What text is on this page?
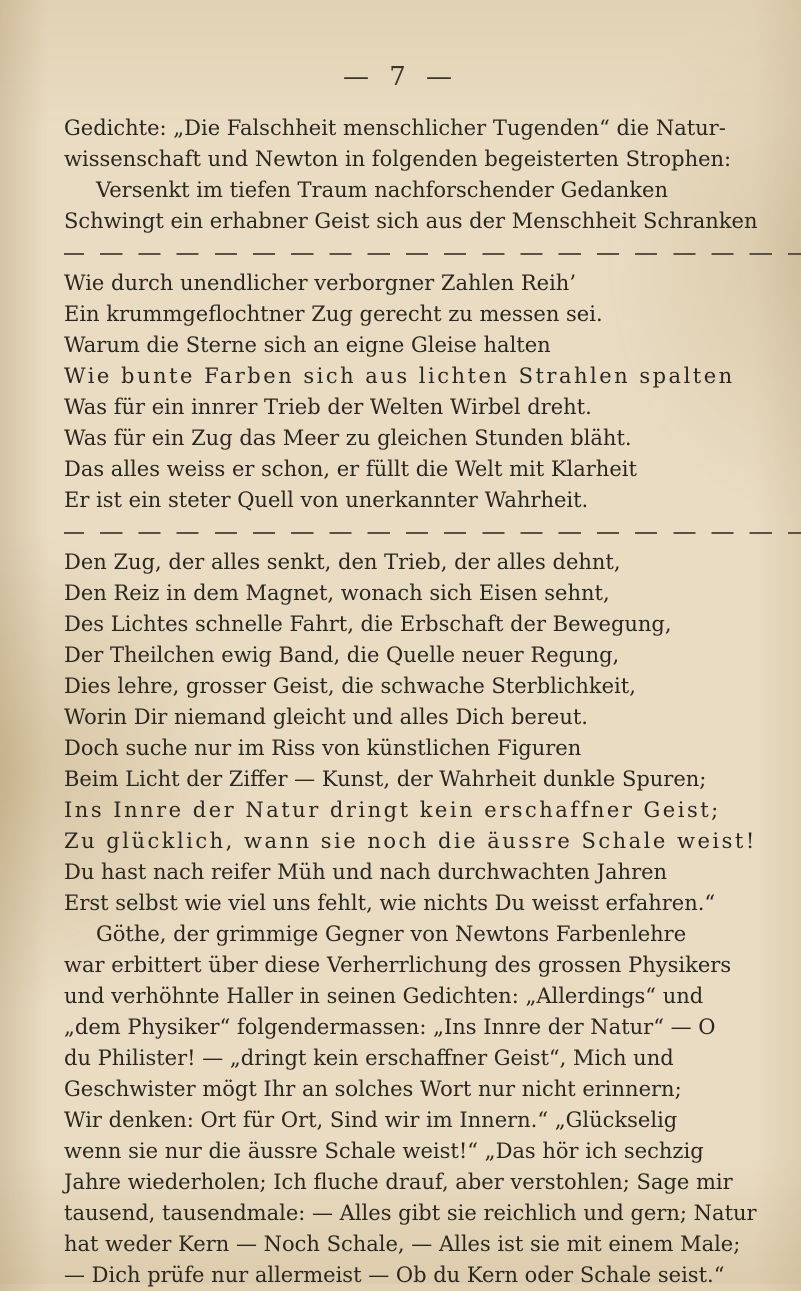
— 7 —
Gedichte: „Die Falschheit menschlicher Tugenden“ die Natur-
wissenschaft und Newton in folgenden begeisterten Strophen:
Versenkt im tiefen Traum nachforschender Gedanken
Schwingt ein erhabner Geist sich aus der Menschheit Schranken
Wie durch unendlicher verborgner Zahlen Reih’
Ein krummgeflochtner Zug gerecht zu messen sei.
Warum die Sterne sich an eigne Gleise halten
Wie bunte Farben sich aus lichten Strahlen spalten
Was für ein innrer Trieb der Welten Wirbel dreht.
Was für ein Zug das Meer zu gleichen Stunden bläht.
Das alles weiss er schon, er füllt die Welt mit Klarheit
Er ist ein steter Quell von unerkannter Wahrheit.
Den Zug, der alles senkt, den Trieb, der alles dehnt,
Den Reiz in dem Magnet, wonach sich Eisen sehnt,
Des Lichtes schnelle Fahrt, die Erbschaft der Bewegung,
Der Theilchen ewig Band, die Quelle neuer Regung,
Dies lehre, grosser Geist, die schwache Sterblichkeit,
Worin Dir niemand gleicht und alles Dich bereut.
Doch suche nur im Riss von künstlichen Figuren
Beim Licht der Ziffer — Kunst, der Wahrheit dunkle Spuren;
Ins Innre der Natur dringt kein erschaffner Geist;
Zu glücklich, wann sie noch die äussre Schale weist!
Du hast nach reifer Müh und nach durchwachten Jahren
Erst selbst wie viel uns fehlt, wie nichts Du weisst erfahren.“
Göthe, der grimmige Gegner von Newtons Farbenlehre
war erbittert über diese Verherrlichung des grossen Physikers
und verhöhnte Haller in seinen Gedichten: „Allerdings“ und
„dem Physiker“ folgendermassen: „Ins Innre der Natur“ — O
du Philister! — „dringt kein erschaffner Geist“, Mich und
Geschwister mögt Ihr an solches Wort nur nicht erinnern;
Wir denken: Ort für Ort, Sind wir im Innern.“ „Glückselig
wenn sie nur die äussre Schale weist!“ „Das hör ich sechzig
Jahre wiederholen; Ich fluche drauf, aber verstohlen; Sage mir
tausend, tausendmale: — Alles gibt sie reichlich und gern; Natur
hat weder Kern — Noch Schale, — Alles ist sie mit einem Male;
— Dich prüfe nur allermeist — Ob du Kern oder Schale seist.“
